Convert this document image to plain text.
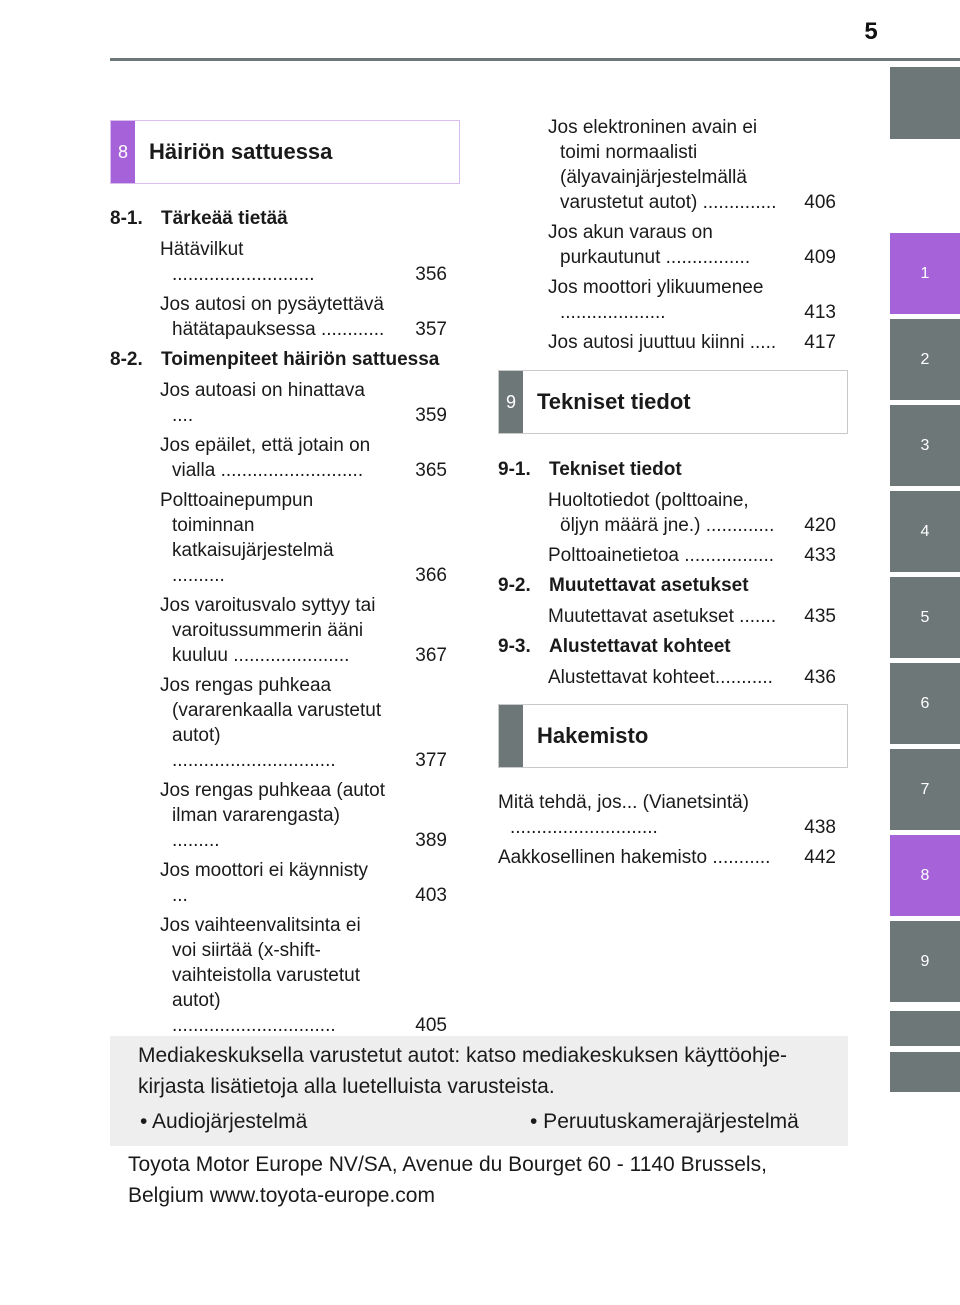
5
1
2
3
4
5
6
7
8
9
8 Häiriön sattuessa
8-1. Tärkeää tietää
Hätävilkut ...........................	356
Jos autosi on pysäytettävä hätätapauksessa ............ 357
8-2. Toimenpiteet häiriön sattuessa
Jos autoasi on hinattava ....	359
Jos epäilet, että jotain on vialla ...........................	365
Polttoainepumpun toiminnan katkaisujärjestelmä ..........	366
Jos varoitusvalo syttyy tai varoitussummerin ääni kuuluu ......................	367
Jos rengas puhkeaa (vararenkaalla varustetut autot) ...............................	377
Jos rengas puhkeaa (autot ilman vararengasta) .........	389
Jos moottori ei käynnisty ...	403
Jos vaihteenvalitsinta ei voi siirtää (x-shift-vaihteistolla varustetut autot) ...............................	405
Jos elektroninen avain ei toimi normaalisti (älyavainjärjestelmällä varustetut autot) .............. 406
Jos akun varaus on purkautunut ................	409
Jos moottori ylikuumenee ....................	413
Jos autosi juuttuu kiinni ..... 417
9 Tekniset tiedot
9-1. Tekniset tiedot
Huoltotiedot (polttoaine, öljyn määrä jne.) ............. 420
Polttoainetietoa ................. 433
9-2. Muutettavat asetukset
Muutettavat asetukset ....... 435
9-3. Alustettavat kohteet
Alustettavat kohteet........... 436
Hakemisto
Mitä tehdä, jos... (Vianetsintä) ............................	438
Aakkosellinen hakemisto ........... 442
Mediakeskuksella varustetut autot: katso mediakeskuksen käyttöohje-kirjasta lisätietoja alla luetelluista varusteista.
• Audiojärjestelmä	• Peruutuskamerajärjestelmä
Toyota Motor Europe NV/SA, Avenue du Bourget 60 - 1140 Brussels, Belgium www.toyota-europe.com
